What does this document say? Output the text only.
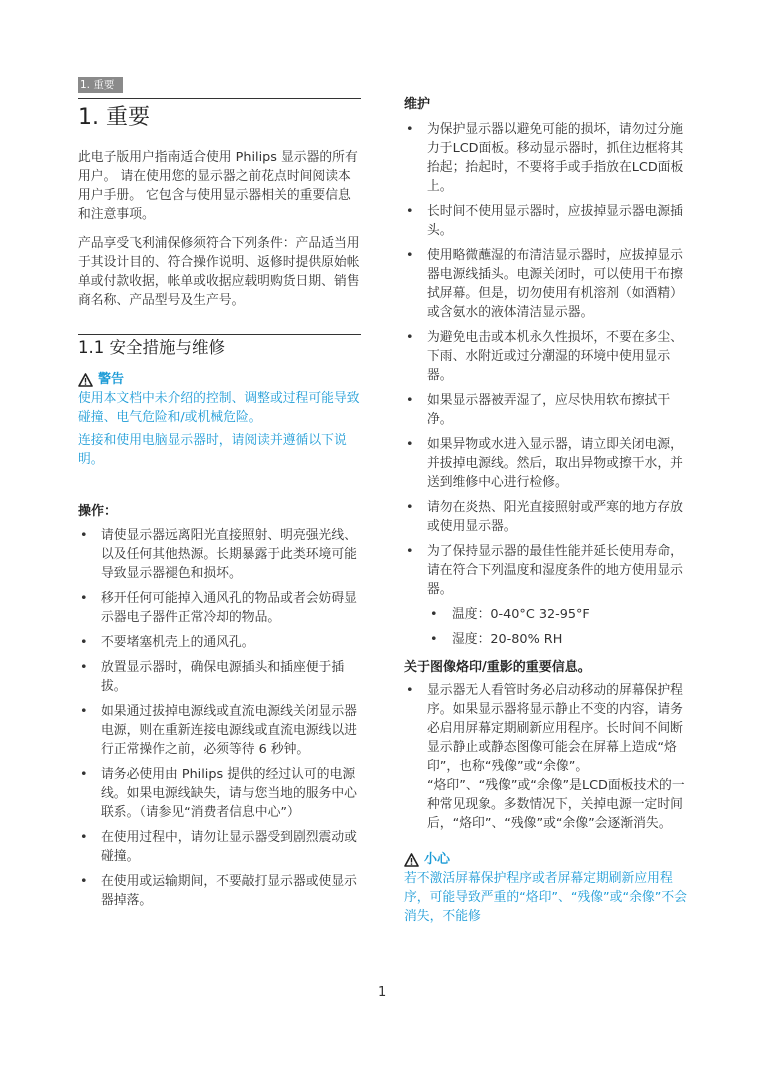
1. 重要
1. 重要

此电子版用户指南适合使用 Philips 显示器的所有用户。 请在使用您的显示器之前花点时间阅读本用户手册。 它包含与使用显示器相关的重要信息和注意事项。

产品享受飞利浦保修须符合下列条件：产品适当用于其设计目的、符合操作说明、返修时提供原始帐单或付款收据，帐单或收据应载明购货日期、销售商名称、产品型号及生产号。

1.1 安全措施与维修
警告

使用本文档中未介绍的控制、调整或过程可能导致碰撞、电气危险和/或机械危险。

连接和使用电脑显示器时，请阅读并遵循以下说明。

操作：

• 请使显示器远离阳光直接照射、明亮强光线、以及任何其他热源。长期暴露于此类环境可能导致显示器褪色和损坏。
• 移开任何可能掉入通风孔的物品或者会妨碍显示器电子器件正常冷却的物品。
• 不要堵塞机壳上的通风孔。
• 放置显示器时，确保电源插头和插座便于插拔。
• 如果通过拔掉电源线或直流电源线关闭显示器电源，则在重新连接电源线或直流电源线以进行正常操作之前，必须等待 6 秒钟。
• 请务必使用由 Philips 提供的经过认可的电源线。如果电源线缺失，请与您当地的服务中心联系。（请参见“消费者信息中心”）
• 在使用过程中，请勿让显示器受到剧烈震动或碰撞。
• 在使用或运输期间，不要敲打显示器或使显示器掉落。

维护

• 为保护显示器以避免可能的损坏，请勿过分施力于LCD面板。移动显示器时，抓住边框将其抬起；抬起时，不要将手或手指放在LCD面板上。
• 长时间不使用显示器时，应拔掉显示器电源插头。
• 使用略微蘸湿的布清洁显示器时，应拔掉显示器电源线插头。电源关闭时，可以使用干布擦拭屏幕。但是，切勿使用有机溶剂（如酒精）或含氨水的液体清洁显示器。
• 为避免电击或本机永久性损坏，不要在多尘、下雨、水附近或过分潮湿的环境中使用显示器。
• 如果显示器被弄湿了，应尽快用软布擦拭干净。
• 如果异物或水进入显示器，请立即关闭电源，并拔掉电源线。然后，取出异物或擦干水，并送到维修中心进行检修。
• 请勿在炎热、阳光直接照射或严寒的地方存放或使用显示器。
• 为了保持显示器的最佳性能并延长使用寿命，请在符合下列温度和湿度条件的地方使用显示器。
• 温度：0-40°C 32-95°F
• 湿度：20-80% RH

关于图像烙印/重影的重要信息。

• 显示器无人看管时务必启动移动的屏幕保护程序。如果显示器将显示静止不变的内容，请务必启用屏幕定期刷新应用程序。长时间不间断显示静止或静态图像可能会在屏幕上造成“烙印”，也称“残像”或“余像”。
“烙印”、“残像”或“余像”是LCD面板技术的一种常见现象。多数情况下，关掉电源一定时间后，“烙印”、“残像”或“余像”会逐渐消失。
小心

若不激活屏幕保护程序或者屏幕定期刷新应用程序，可能导致严重的“烙印”、“残像”或“余像”不会消失，不能修

1
